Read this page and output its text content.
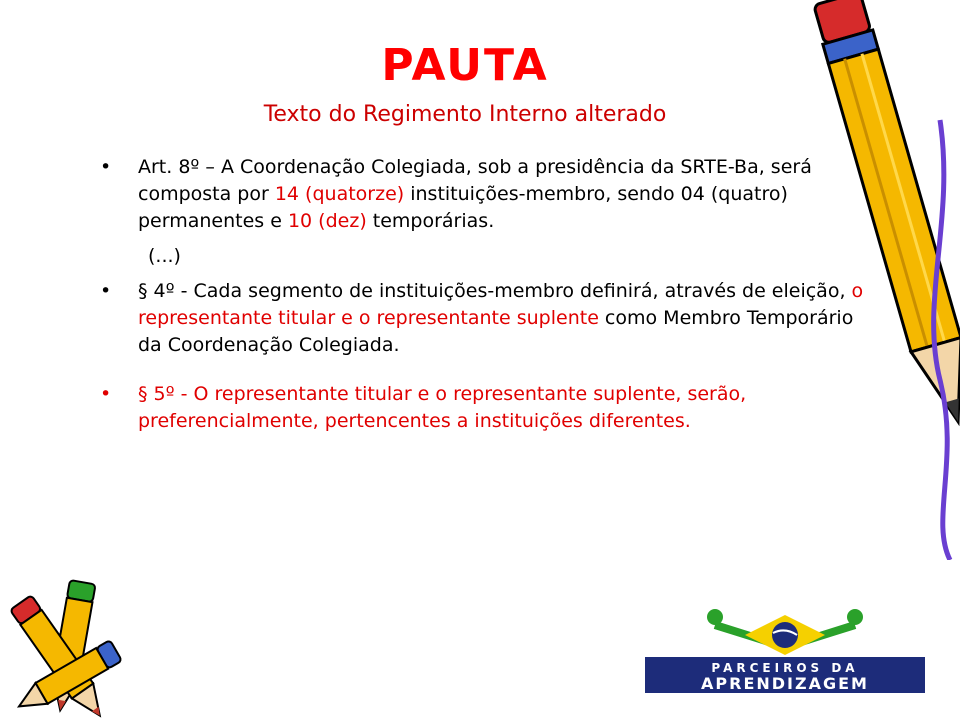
PAUTA
Texto do Regimento Interno alterado
• Art. 8º – A Coordenação Colegiada, sob a presidência da SRTE-Ba, será composta por 14 (quatorze) instituições-membro, sendo 04 (quatro) permanentes e 10 (dez) temporárias.
(...)
• § 4º - Cada segmento de instituições-membro definirá, através de eleição, o representante titular e o representante suplente como Membro Temporário da Coordenação Colegiada.
• § 5º - O representante titular e o representante suplente, serão, preferencialmente, pertencentes a instituições diferentes.
PARCEIROS DA
APRENDIZAGEM
